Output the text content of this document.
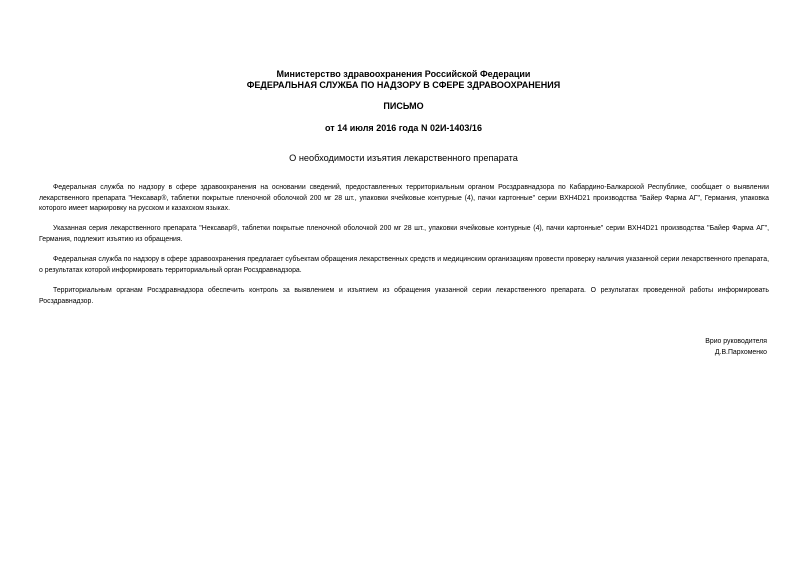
Министерство здравоохранения Российской Федерации
ФЕДЕРАЛЬНАЯ СЛУЖБА ПО НАДЗОРУ В СФЕРЕ ЗДРАВООХРАНЕНИЯ
ПИСЬМО
от 14 июля 2016 года N 02И-1403/16
О необходимости изъятия лекарственного препарата

Федеральная служба по надзору в сфере здравоохранения на основании сведений, предоставленных территориальным органом Росздравнадзора по Кабардино-Балкарской Республике, сообщает о выявлении лекарственного препарата "Нексавар®, таблетки покрытые пленочной оболочкой 200 мг 28 шт., упаковки ячейковые контурные (4), пачки картонные" серии BXH4D21 производства "Байер Фарма АГ", Германия, упаковка которого имеет маркировку на русском и казахском языках.

Указанная серия лекарственного препарата "Нексавар®, таблетки покрытые пленочной оболочкой 200 мг 28 шт., упаковки ячейковые контурные (4), пачки картонные" серии BXH4D21 производства "Байер Фарма АГ", Германия, подлежит изъятию из обращения.

Федеральная служба по надзору в сфере здравоохранения предлагает субъектам обращения лекарственных средств и медицинским организациям провести проверку наличия указанной серии лекарственного препарата, о результатах которой информировать территориальный орган Росздравнадзора.

Территориальным органам Росздравнадзора обеспечить контроль за выявлением и изъятием из обращения указанной серии лекарственного препарата. О результатах проведенной работы информировать Росздравнадзор.

Врио руководителя
Д.В.Пархоменко
